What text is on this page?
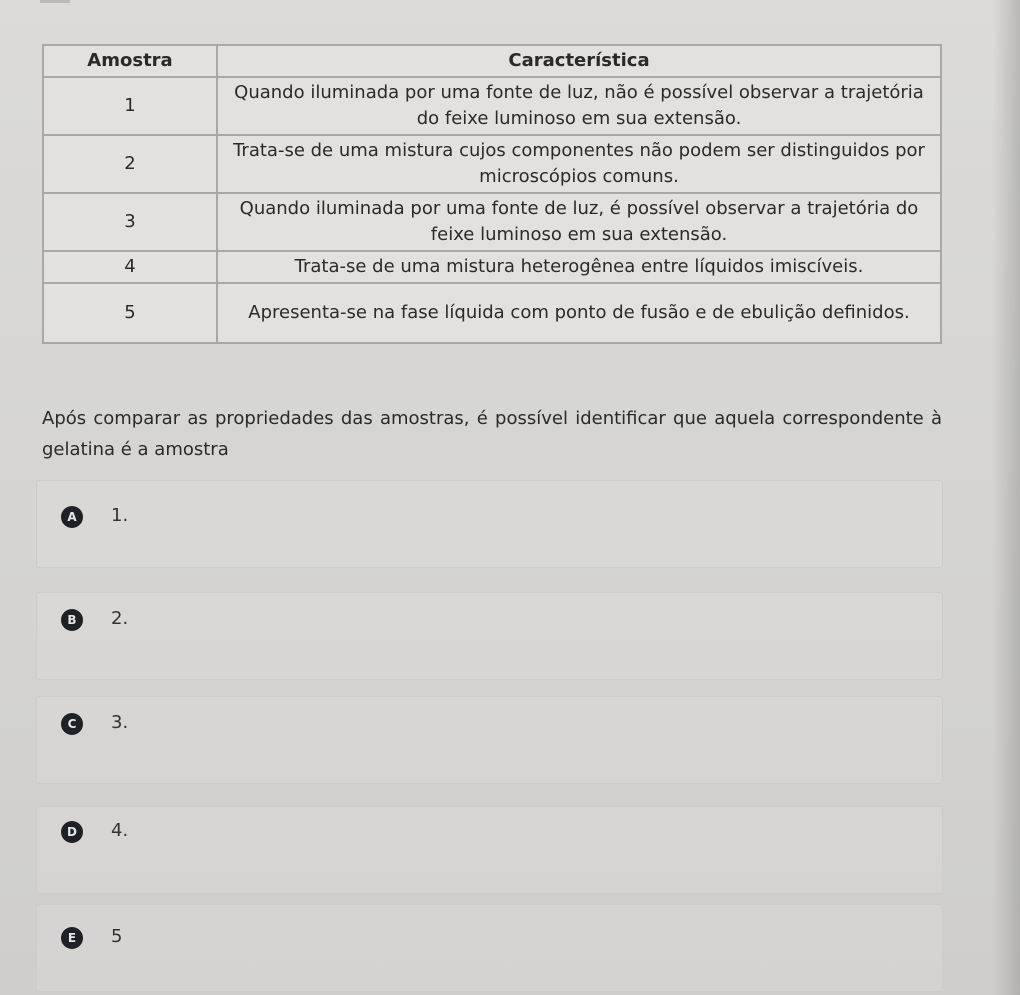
Amostra	Característica
1	Quando iluminada por uma fonte de luz, não é possível observar a trajetória do feixe luminoso em sua extensão.
2	Trata-se de uma mistura cujos componentes não podem ser distinguidos por microscópios comuns.
3	Quando iluminada por uma fonte de luz, é possível observar a trajetória do feixe luminoso em sua extensão.
4	Trata-se de uma mistura heterogênea entre líquidos imiscíveis.
5	Apresenta-se na fase líquida com ponto de fusão e de ebulição definidos.
Após comparar as propriedades das amostras, é possível identificar que aquela correspondente à gelatina é a amostra
A	1.
B	2.
C	3.
D	4.
E	5
